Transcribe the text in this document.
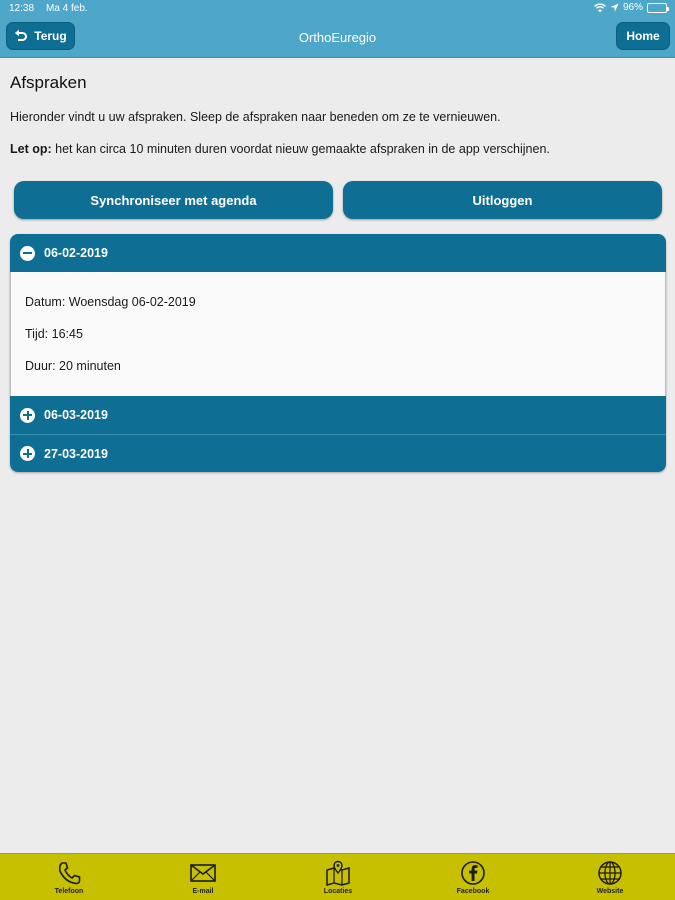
12:38 Ma 4 feb.	96%
Terug	OrthoEuregio	Home
Afspraken

Hieronder vindt u uw afspraken. Sleep de afspraken naar beneden om ze te vernieuwen.

Let op: het kan circa 10 minuten duren voordat nieuw gemaakte afspraken in de app verschijnen.

Synchroniseer met agenda	Uitloggen
06-02-2019

Datum: Woensdag 06-02-2019

Tijd: 16:45

Duur: 20 minuten

06-03-2019
27-03-2019
Telefoon	E-mail	Locaties	Facebook	Website
